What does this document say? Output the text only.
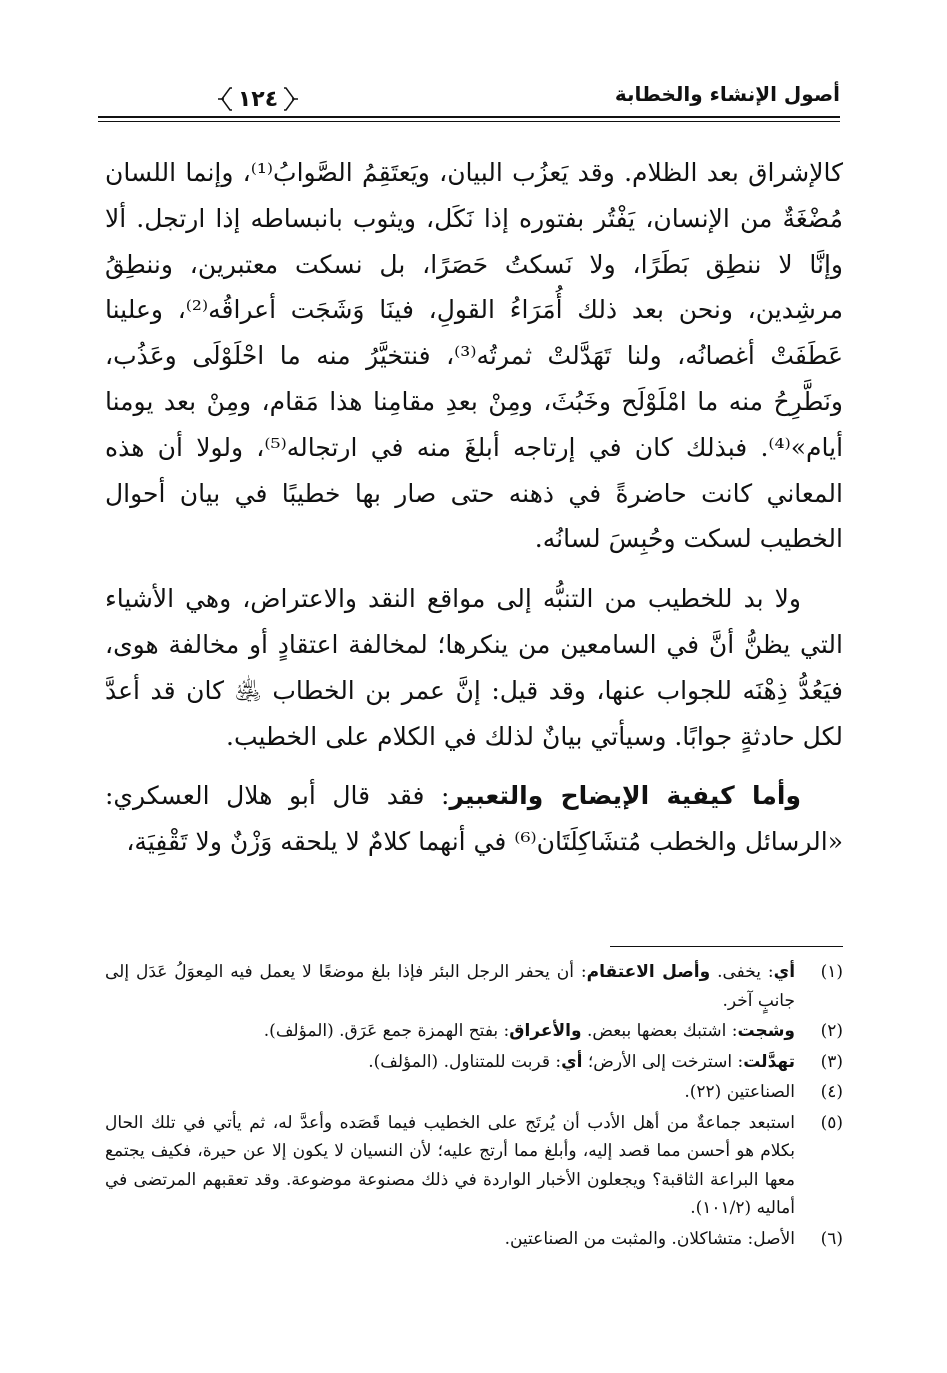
أصول الإنشاء والخطابة
١٢٤

كالإشراق بعد الظلام. وقد يَعزُب البيان، ويَعتَقِمُ الصَّوابُ⁽¹⁾، وإنما اللسان مُضْغَةٌ من الإنسان، يَفْتُر بفتوره إذا نَكَل، ويثوب بانبساطه إذا ارتجل. ألا وإنَّا لا ننطِق بَطَرًا، ولا نَسكتُ حَصَرًا، بل نسكت معتبرين، وننطِقُ مرشِدين، ونحن بعد ذلك أُمَرَاءُ القولِ، فينَا وَشَجَت أعراقُه⁽²⁾، وعلينا عَطَفَتْ أغصانُه، ولنا تَهَدَّلتْ ثمرتُه⁽³⁾، فنتخيَّرُ منه ما احْلَوْلَى وعَذُب، ونَطَّرِحُ منه ما امْلَوْلَح وخَبُثَ، ومِنْ بعدِ مقامِنا هذا مَقام، ومِنْ بعد يومنا أيام»⁽⁴⁾. فبذلك كان في إرتاجه أبلغَ منه في ارتجاله⁽⁵⁾، ولولا أن هذه المعاني كانت حاضرةً في ذهنه حتى صار بها خطيبًا في بيان أحوال الخطيب لسكت وحُبِسَ لسانُه.

ولا بد للخطيب من التنبُّه إلى مواقع النقد والاعتراض، وهي الأشياء التي يظنُّ أنَّ في السامعين من ينكرها؛ لمخالفة اعتقادٍ أو مخالفة هوى، فيَعُدُّ ذِهْنَه للجواب عنها، وقد قيل: إنَّ عمر بن الخطاب ﵁ كان قد أعدَّ لكل حادثةٍ جوابًا. وسيأتي بيانٌ لذلك في الكلام على الخطيب.

وأما كيفية الإيضاح والتعبير: فقد قال أبو هلال العسكري: «الرسائل والخطب مُتشَاكِلَتَان⁽⁶⁾ في أنهما كلامٌ لا يلحقه وَزْنٌ ولا تَقْفِيَة،

(١)
أي: يخفى. وأصل الاعتقام: أن يحفر الرجل البئر فإذا بلغ موضعًا لا يعمل فيه المِعوَلُ عَدَل إلى جانبٍ آخر.
(٢)
وشجت: اشتبك بعضها ببعض. والأعراق: بفتح الهمزة جمع عَرَق. (المؤلف).
(٣)
تهدَّلت: استرخت إلى الأرض؛ أي: قربت للمتناول. (المؤلف).
(٤)
الصناعتين (٢٢).
(٥)
استبعد جماعةٌ من أهل الأدب أن يُرتَج على الخطيب فيما قَصَده وأعدَّ له، ثم يأتي في تلك الحال بكلام هو أحسن مما قصد إليه، وأبلغ مما أرتج عليه؛ لأن النسيان لا يكون إلا عن حيرة، فكيف يجتمع معها البراعة الثاقبة؟ ويجعلون الأخبار الواردة في ذلك مصنوعة موضوعة. وقد تعقبهم المرتضى في أماليه (١٠١/٢).
(٦)
الأصل: متشاكلان. والمثبت من الصناعتين.
